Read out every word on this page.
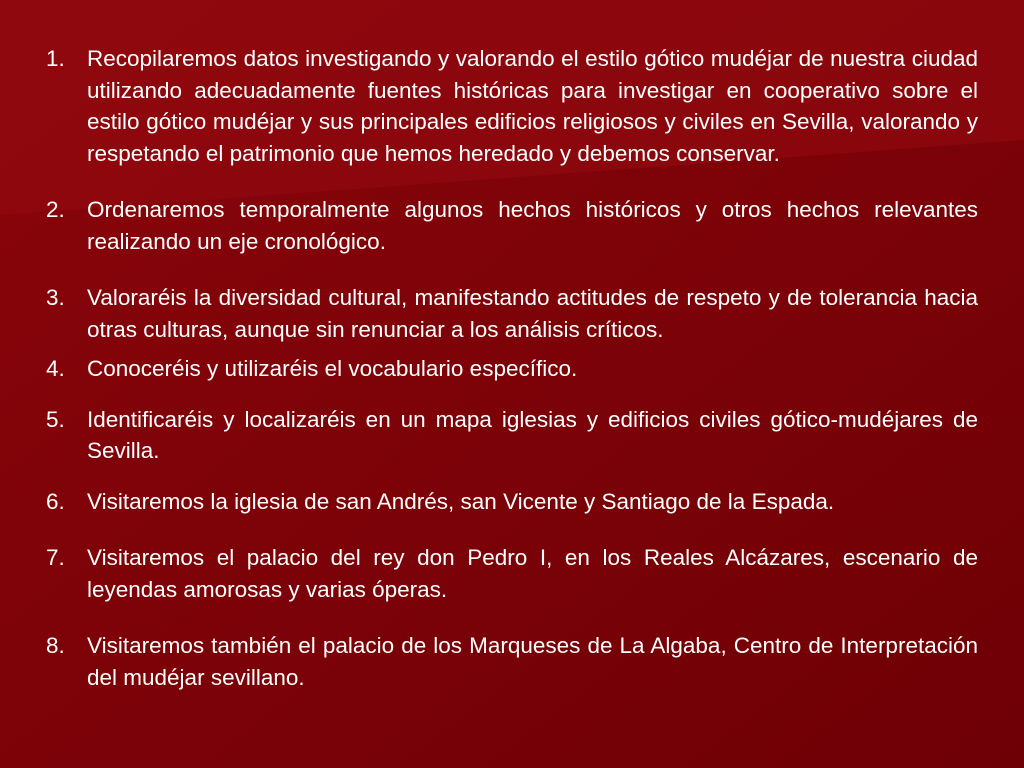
1. Recopilaremos datos investigando y valorando el estilo gótico mudéjar de nuestra ciudad utilizando adecuadamente fuentes históricas para investigar en cooperativo sobre el estilo gótico mudéjar y sus principales edificios religiosos y civiles en Sevilla, valorando y respetando el patrimonio que hemos heredado y debemos conservar.
2. Ordenaremos temporalmente algunos hechos históricos y otros hechos relevantes realizando un eje cronológico.
3. Valoraréis la diversidad cultural, manifestando actitudes de respeto y de tolerancia hacia otras culturas, aunque sin renunciar a los análisis críticos.
4. Conoceréis y utilizaréis el vocabulario específico.
5. Identificaréis y localizaréis en un mapa iglesias y edificios civiles gótico-mudéjares de Sevilla.
6. Visitaremos la iglesia de san Andrés, san Vicente y Santiago de la Espada.
7. Visitaremos el palacio del rey don Pedro I, en los Reales Alcázares, escenario de leyendas amorosas y varias óperas.
8. Visitaremos también el palacio de los Marqueses de La Algaba, Centro de Interpretación del mudéjar sevillano.
